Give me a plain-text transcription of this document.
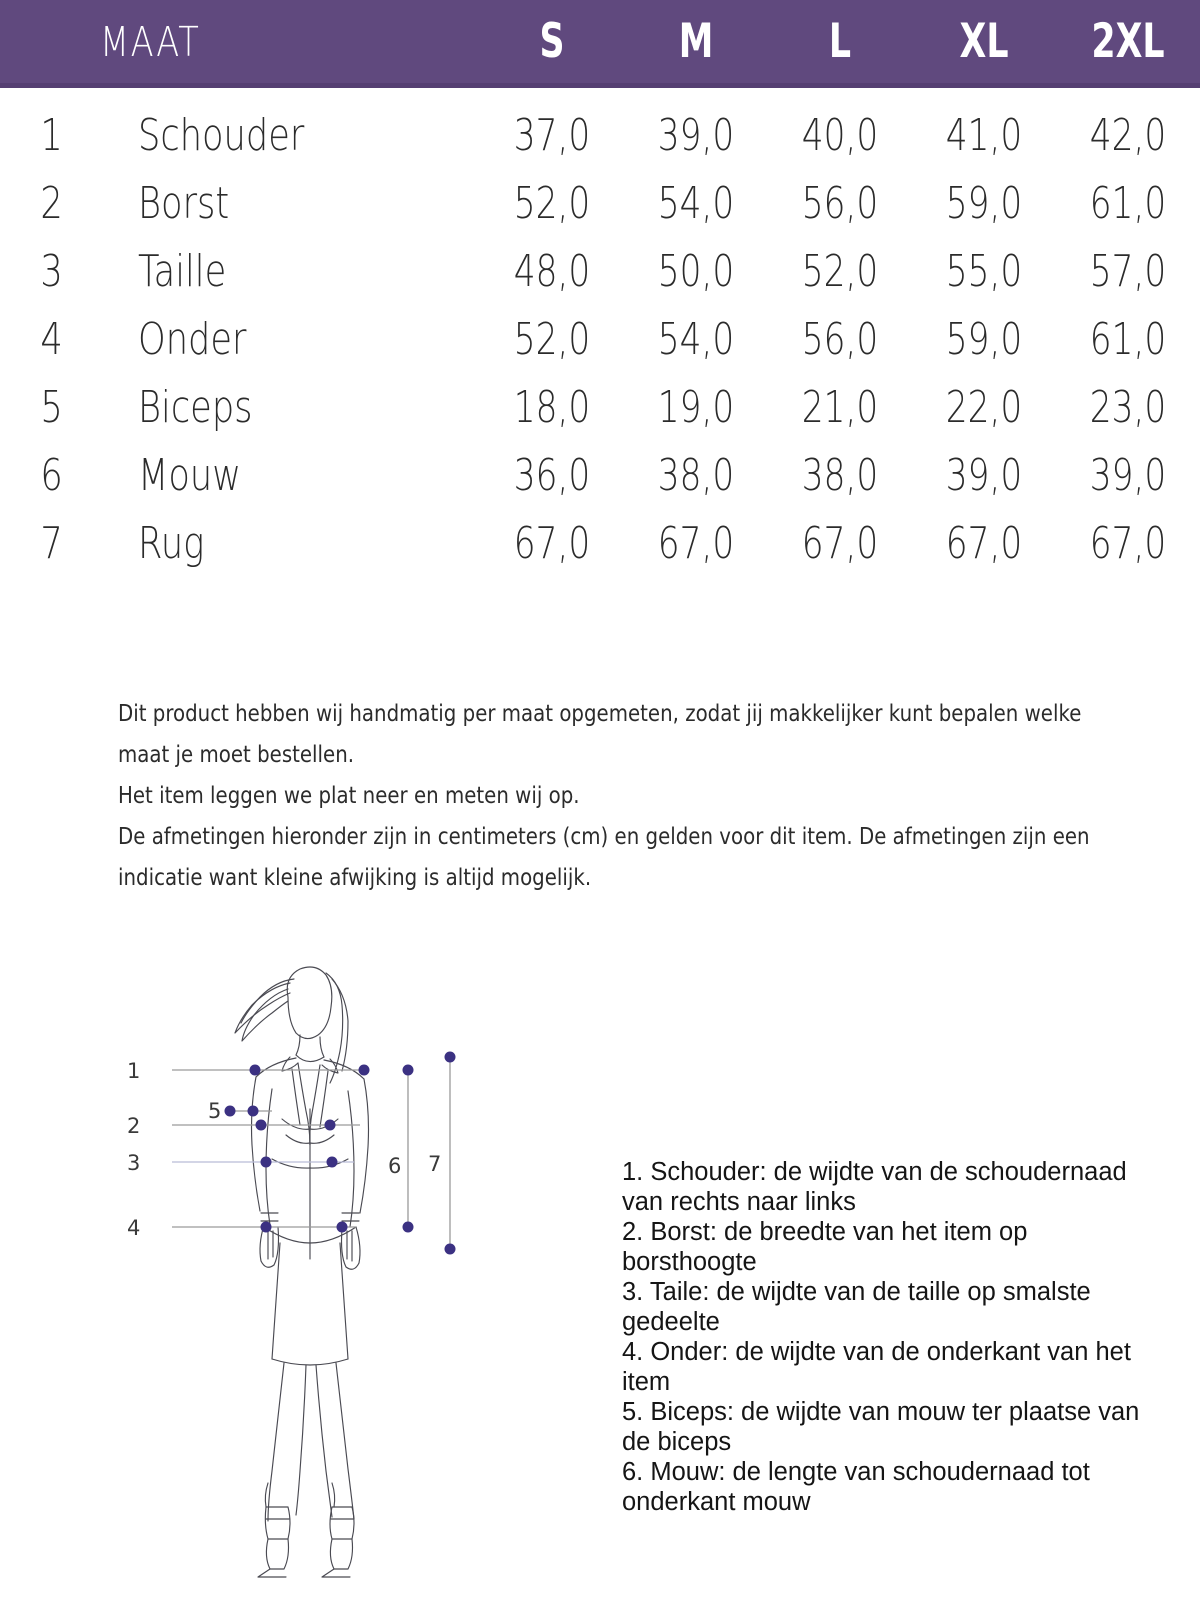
MAAT	S	M	L	XL	2XL
1	Schouder	37,0	39,0	40,0	41,0	42,0
2	Borst	52,0	54,0	56,0	59,0	61,0
3	Taille	48,0	50,0	52,0	55,0	57,0
4	Onder	52,0	54,0	56,0	59,0	61,0
5	Biceps	18,0	19,0	21,0	22,0	23,0
6	Mouw	36,0	38,0	38,0	39,0	39,0
7	Rug	67,0	67,0	67,0	67,0	67,0
Dit product hebben wij handmatig per maat opgemeten, zodat jij makkelijker kunt bepalen welke
maat je moet bestellen.
Het item leggen we plat neer en meten wij op.
De afmetingen hieronder zijn in centimeters (cm) en gelden voor dit item. De afmetingen zijn een
indicatie want kleine afwijking is altijd mogelijk.
1
2
3
4
5
6 7	1. Schouder: de wijdte van de schoudernaad van rechts naar links

2. Borst: de breedte van het item op borsthoogte

3. Taile: de wijdte van de taille op smalste gedeelte

4. Onder: de wijdte van de onderkant van het item

5. Biceps: de wijdte van mouw ter plaatse van de biceps

6. Mouw: de lengte van schoudernaad tot onderkant mouw
